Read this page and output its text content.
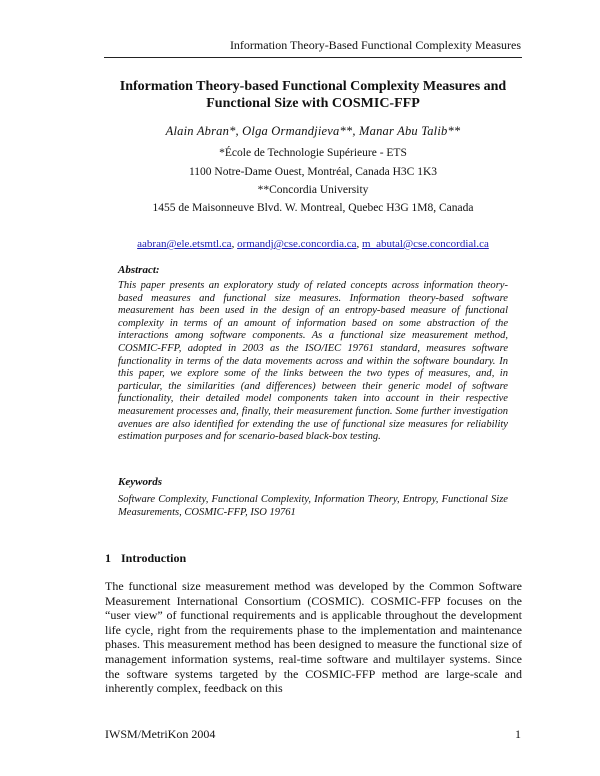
Information Theory-Based Functional Complexity Measures
Information Theory-based Functional Complexity Measures and
Functional Size with COSMIC-FFP
Alain Abran*, Olga Ormandjieva**, Manar Abu Talib**
*École de Technologie Supérieure - ETS
1100 Notre-Dame Ouest, Montréal, Canada H3C 1K3
**Concordia University
1455 de Maisonneuve Blvd. W. Montreal, Quebec H3G 1M8, Canada
aabran@ele.etsmtl.ca, ormandj@cse.concordia.ca, m_abutal@cse.concordial.ca
Abstract:
This paper presents an exploratory study of related concepts across information theory-based measures and functional size measures. Information theory-based software measurement has been used in the design of an entropy-based measure of functional complexity in terms of an amount of information based on some abstraction of the interactions among software components. As a functional size measurement method, COSMIC-FFP, adopted in 2003 as the ISO/IEC 19761 standard, measures software functionality in terms of the data movements across and within the software boundary. In this paper, we explore some of the links between the two types of measures, and, in particular, the similarities (and differences) between their generic model of software functionality, their detailed model components taken into account in their respective measurement processes and, finally, their measurement function. Some further investigation avenues are also identified for extending the use of functional size measures for reliability estimation purposes and for scenario-based black-box testing.
Keywords
Software Complexity, Functional Complexity, Information Theory, Entropy, Functional Size Measurements, COSMIC-FFP, ISO 19761
1 Introduction
The functional size measurement method was developed by the Common Software Measurement International Consortium (COSMIC). COSMIC-FFP focuses on the “user view” of functional requirements and is applicable throughout the development life cycle, right from the requirements phase to the implementation and maintenance phases. This measurement method has been designed to measure the functional size of management information systems, real-time software and multilayer systems. Since the software systems targeted by the COSMIC-FFP method are large-scale and inherently complex, feedback on this
IWSM/MetriKon 2004	1
